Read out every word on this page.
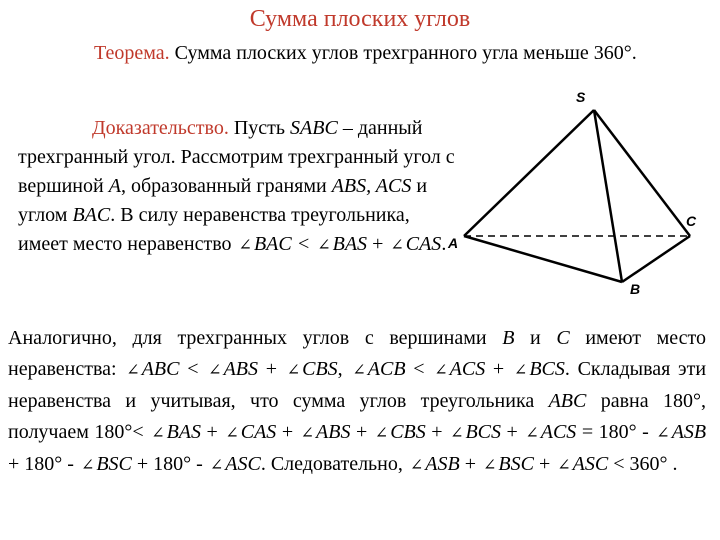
Сумма плоских углов
Теорема. Сумма плоских углов трехгранного угла меньше 360°.
Доказательство. Пусть SABC – данный трехгранный угол. Рассмотрим трехгранный угол с вершиной A, образованный гранями ABS, ACS и углом BAC. В силу неравенства треугольника, имеет место неравенство ∠ BAC < ∠ BAS + ∠ CAS.
S
A
B
C
Аналогично, для трехгранных углов с вершинами B и C имеют место неравенства: ∠ ABC < ∠ ABS + ∠ CBS, ∠ ACB < ∠ ACS + ∠ BCS. Складывая эти неравенства и учитывая, что сумма углов треугольника ABC равна 180°, получаем 180°< ∠ BAS + ∠ CAS + ∠ ABS + ∠ CBS + ∠ BCS + ∠ ACS = 180° - ∠ ASB + 180° - ∠ BSC + 180° - ∠ ASC. Следовательно, ∠ ASB + ∠ BSC + ∠ ASC < 360° .
